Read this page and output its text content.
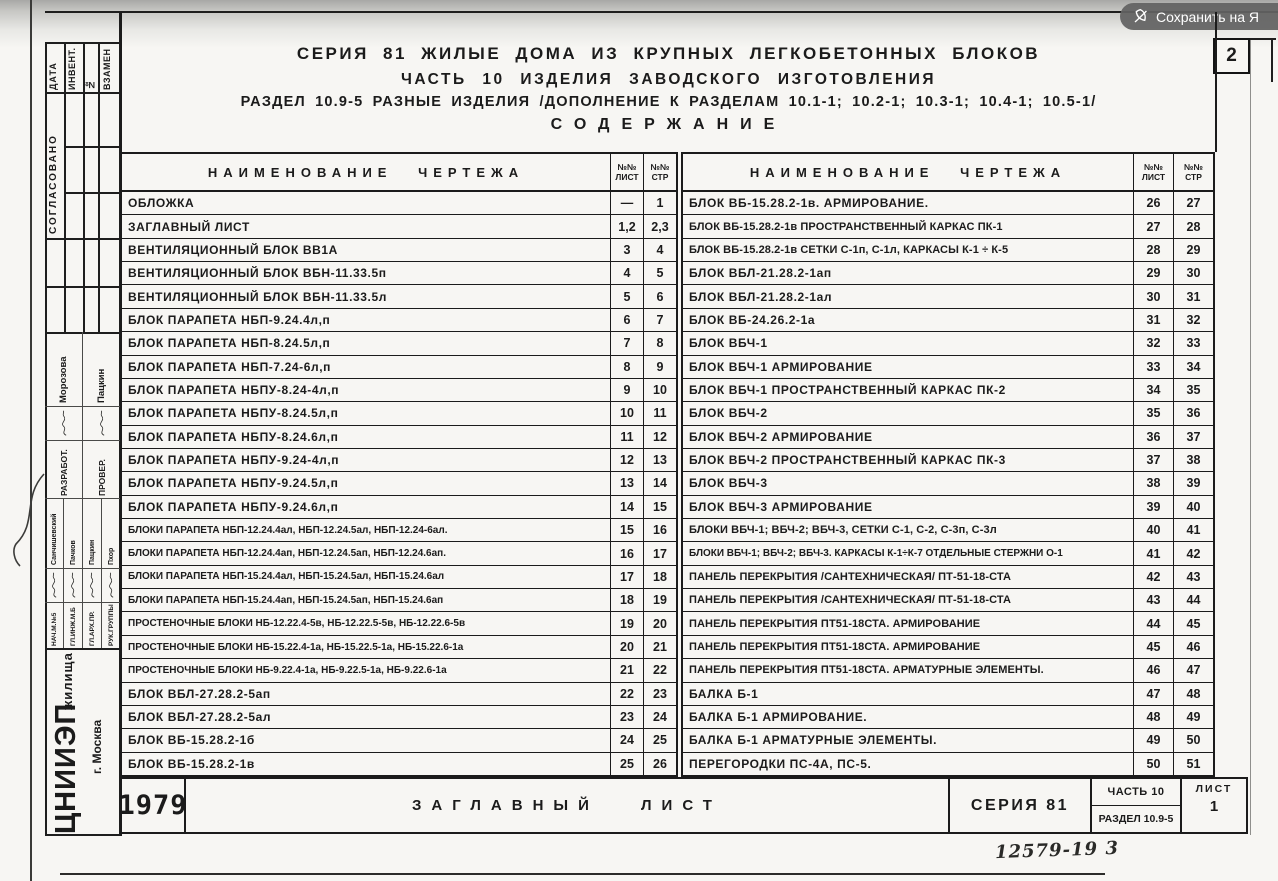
Сохранить на Я
2
ДАТА ИНВЕНТ. № ВЗАМЕН
СОГЛАСОВАНО
НАЧ.М.№5
Санчишевский
ГЛ.ИНЖ.М.Б
Пачков
ГЛ.АРХ.ПР.
Пацкин
РУК.ГРУППЫ
Пхор
РАЗРАБОТ.
Морозова
ПРОВЕР.
Пацкин
жилища
г. Москва
ЦНИИЭП
СЕРИЯ 81 ЖИЛЫЕ ДОМА ИЗ КРУПНЫХ ЛЕГКОБЕТОННЫХ БЛОКОВ
ЧАСТЬ 10 ИЗДЕЛИЯ ЗАВОДСКОГО ИЗГОТОВЛЕНИЯ
РАЗДЕЛ 10.9-5 РАЗНЫЕ ИЗДЕЛИЯ /ДОПОЛНЕНИЕ К РАЗДЕЛАМ 10.1-1; 10.2-1; 10.3-1; 10.4-1; 10.5-1/
СОДЕРЖАНИЕ
НАИМЕНОВАНИЕ ЧЕРТЕЖА	№№
ЛИСТ
№№
СТР
ОБЛОЖКА	—	1
ЗАГЛАВНЫЙ ЛИСТ	1,2	2,3
ВЕНТИЛЯЦИОННЫЙ БЛОК ВВ1А	3	4
ВЕНТИЛЯЦИОННЫЙ БЛОК ВБН-11.33.5п	4	5
ВЕНТИЛЯЦИОННЫЙ БЛОК ВБН-11.33.5л	5	6
БЛОК ПАРАПЕТА НБП-9.24.4л,п	6	7
БЛОК ПАРАПЕТА НБП-8.24.5л,п	7	8
БЛОК ПАРАПЕТА НБП-7.24-6л,п	8	9
БЛОК ПАРАПЕТА НБПУ-8.24-4л,п	9	10
БЛОК ПАРАПЕТА НБПУ-8.24.5л,п	10	11
БЛОК ПАРАПЕТА НБПУ-8.24.6л,п	11	12
БЛОК ПАРАПЕТА НБПУ-9.24-4л,п	12	13
БЛОК ПАРАПЕТА НБПУ-9.24.5л,п	13	14
БЛОК ПАРАПЕТА НБПУ-9.24.6л,п	14	15
БЛОКИ ПАРАПЕТА НБП-12.24.4ал, НБП-12.24.5ал, НБП-12.24-6ал.	15	16
БЛОКИ ПАРАПЕТА НБП-12.24.4ап, НБП-12.24.5ап, НБП-12.24.6ап.	16	17
БЛОКИ ПАРАПЕТА НБП-15.24.4ал, НБП-15.24.5ал, НБП-15.24.6ал	17	18
БЛОКИ ПАРАПЕТА НБП-15.24.4ап, НБП-15.24.5ап, НБП-15.24.6ап	18	19
ПРОСТЕНОЧНЫЕ БЛОКИ НБ-12.22.4-5в, НБ-12.22.5-5в, НБ-12.22.6-5в	19	20
ПРОСТЕНОЧНЫЕ БЛОКИ НБ-15.22.4-1а, НБ-15.22.5-1а, НБ-15.22.6-1а	20	21
ПРОСТЕНОЧНЫЕ БЛОКИ НБ-9.22.4-1а, НБ-9.22.5-1а, НБ-9.22.6-1а	21	22
БЛОК ВБЛ-27.28.2-5ап	22	23
БЛОК ВБЛ-27.28.2-5ал	23	24
БЛОК ВБ-15.28.2-1б	24	25
БЛОК ВБ-15.28.2-1в	25	26
НАИМЕНОВАНИЕ ЧЕРТЕЖА	№№
ЛИСТ
№№
СТР
БЛОК ВБ-15.28.2-1в. АРМИРОВАНИЕ.	26	27
БЛОК ВБ-15.28.2-1в ПРОСТРАНСТВЕННЫЙ КАРКАС ПК-1	27	28
БЛОК ВБ-15.28.2-1в СЕТКИ С-1п, С-1л, КАРКАСЫ К-1 ÷ К-5	28	29
БЛОК ВБЛ-21.28.2-1ап	29	30
БЛОК ВБЛ-21.28.2-1ал	30	31
БЛОК ВБ-24.26.2-1а	31	32
БЛОК ВБЧ-1	32	33
БЛОК ВБЧ-1 АРМИРОВАНИЕ	33	34
БЛОК ВБЧ-1 ПРОСТРАНСТВЕННЫЙ КАРКАС ПК-2	34	35
БЛОК ВБЧ-2	35	36
БЛОК ВБЧ-2 АРМИРОВАНИЕ	36	37
БЛОК ВБЧ-2 ПРОСТРАНСТВЕННЫЙ КАРКАС ПК-3	37	38
БЛОК ВБЧ-3	38	39
БЛОК ВБЧ-3 АРМИРОВАНИЕ	39	40
БЛОКИ ВБЧ-1; ВБЧ-2; ВБЧ-3, СЕТКИ С-1, С-2, С-3п, С-3л	40	41
БЛОКИ ВБЧ-1; ВБЧ-2; ВБЧ-3. КАРКАСЫ К-1÷К-7 ОТДЕЛЬНЫЕ СТЕРЖНИ О-1	41	42
ПАНЕЛЬ ПЕРЕКРЫТИЯ /САНТЕХНИЧЕСКАЯ/ ПТ-51-18-СТА	42	43
ПАНЕЛЬ ПЕРЕКРЫТИЯ /САНТЕХНИЧЕСКАЯ/ ПТ-51-18-СТА	43	44
ПАНЕЛЬ ПЕРЕКРЫТИЯ ПТ51-18СТА. АРМИРОВАНИЕ	44	45
ПАНЕЛЬ ПЕРЕКРЫТИЯ ПТ51-18СТА. АРМИРОВАНИЕ	45	46
ПАНЕЛЬ ПЕРЕКРЫТИЯ ПТ51-18СТА. АРМАТУРНЫЕ ЭЛЕМЕНТЫ.	46	47
БАЛКА Б-1	47	48
БАЛКА Б-1 АРМИРОВАНИЕ.	48	49
БАЛКА Б-1 АРМАТУРНЫЕ ЭЛЕМЕНТЫ.	49	50
ПЕРЕГОРОДКИ ПС-4А, ПС-5.	50	51
1979	ЗАГЛАВНЫЙ ЛИСТ	СЕРИЯ 81
ЧАСТЬ 10
РАЗДЕЛ 10.9-5
ЛИСТ
1
12579-19 3
